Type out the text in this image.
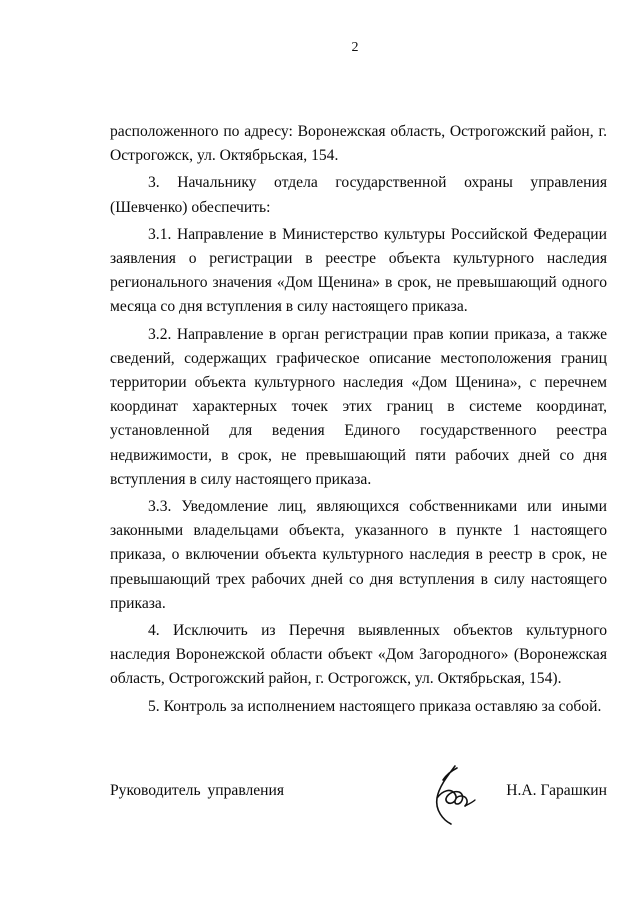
2

расположенного по адресу: Воронежская область, Острогожский район, г. Острогожск, ул. Октябрьская, 154.

3. Начальнику отдела государственной охраны управления (Шевченко) обеспечить:

3.1. Направление в Министерство культуры Российской Федерации заявления о регистрации в реестре объекта культурного наследия регионального значения «Дом Щенина» в срок, не превышающий одного месяца со дня вступления в силу настоящего приказа.

3.2. Направление в орган регистрации прав копии приказа, а также сведений, содержащих графическое описание местоположения границ территории объекта культурного наследия «Дом Щенина», с перечнем координат характерных точек этих границ в системе координат, установленной для ведения Единого государственного реестра недвижимости, в срок, не превышающий пяти рабочих дней со дня вступления в силу настоящего приказа.

3.3. Уведомление лиц, являющихся собственниками или иными законными владельцами объекта, указанного в пункте 1 настоящего приказа, о включении объекта культурного наследия в реестр в срок, не превышающий трех рабочих дней со дня вступления в силу настоящего приказа.

4. Исключить из Перечня выявленных объектов культурного наследия Воронежской области объект «Дом Загородного» (Воронежская область, Острогожский район, г. Острогожск, ул. Октябрьская, 154).

5. Контроль за исполнением настоящего приказа оставляю за собой.

Руководитель управления	Н.А. Гарашкин
